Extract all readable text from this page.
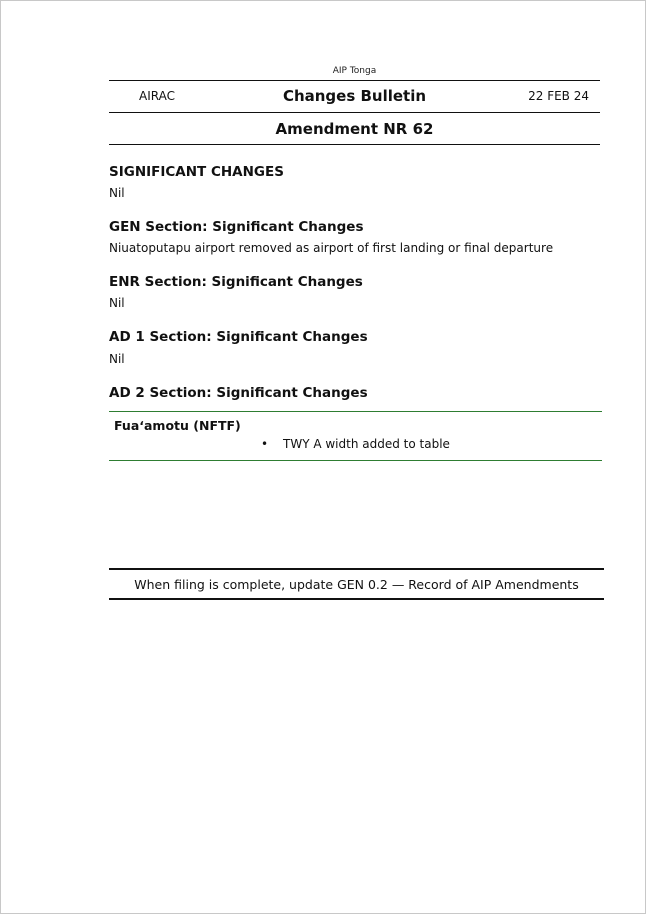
AIP Tonga
AIRAC	Changes Bulletin	22 FEB 24
Amendment NR 62
SIGNIFICANT CHANGES
Nil
GEN Section: Significant Changes
Niuatoputapu airport removed as airport of first landing or final departure
ENR Section: Significant Changes
Nil
AD 1 Section: Significant Changes
Nil
AD 2 Section: Significant Changes
Fuaʻamotu (NFTF)
• TWY A width added to table
When filing is complete, update GEN 0.2 — Record of AIP Amendments
